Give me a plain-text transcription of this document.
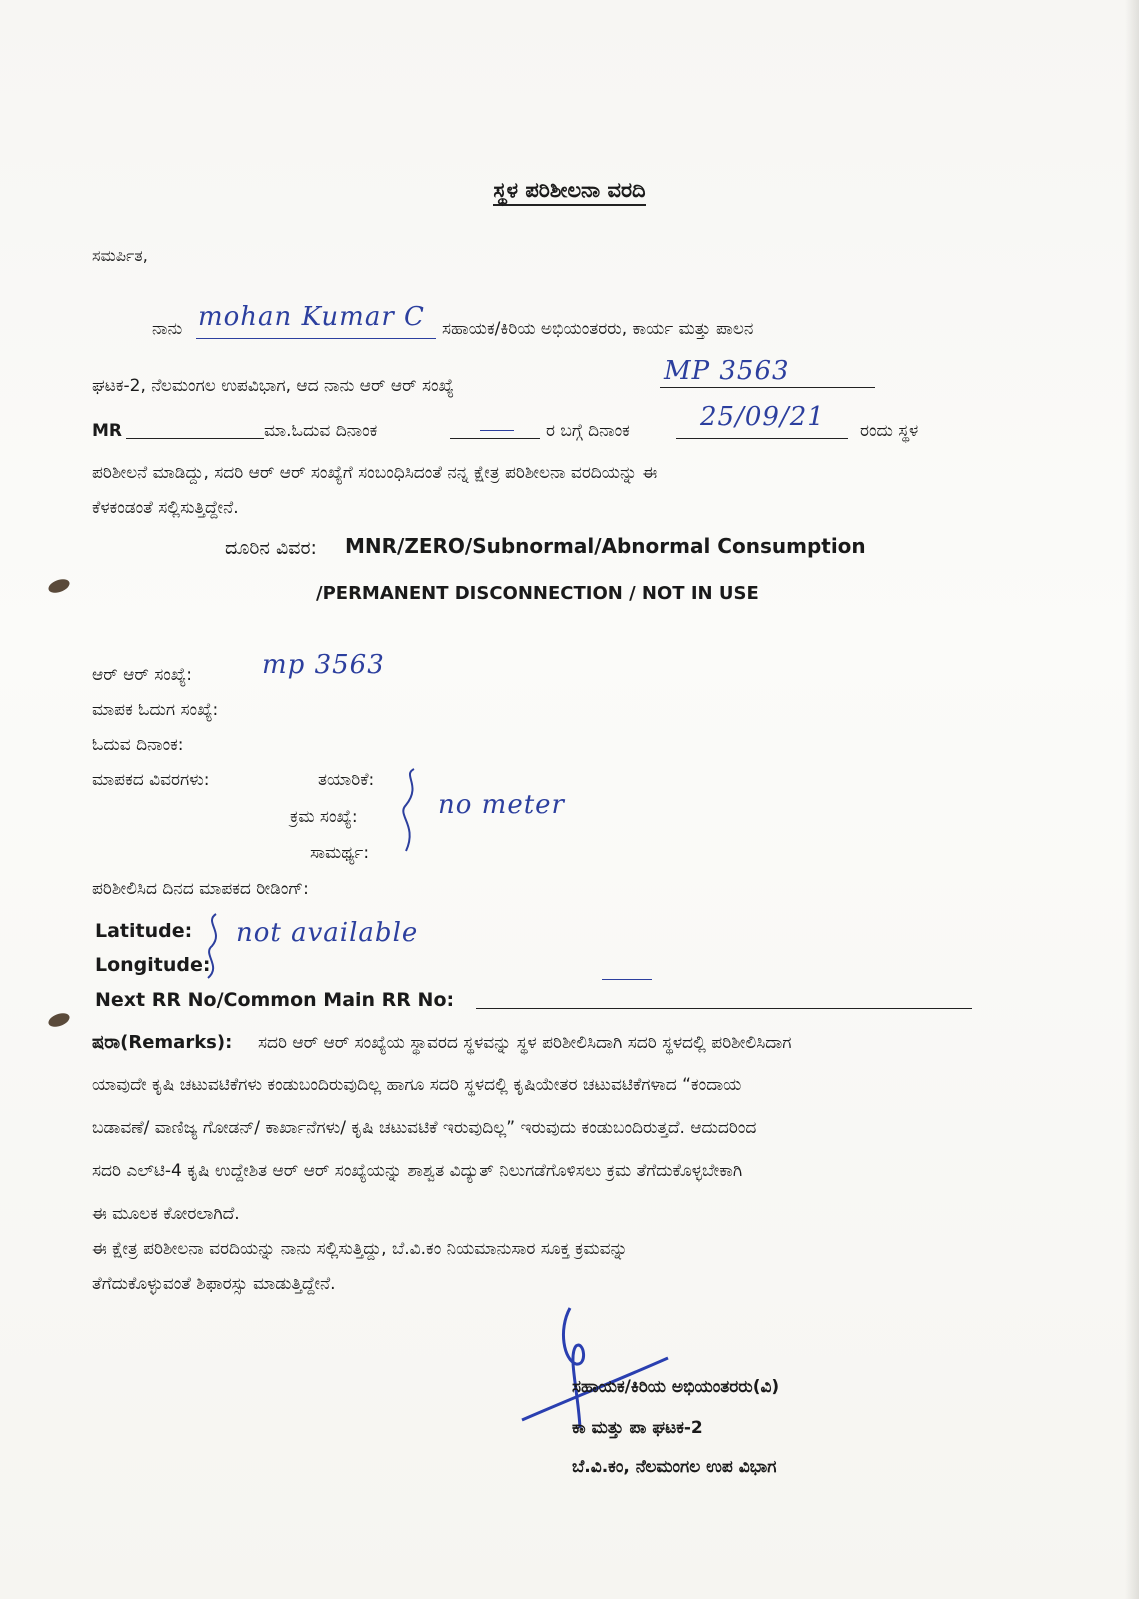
ಸ್ಥಳ ಪರಿಶೀಲನಾ ವರದಿ
ಸಮರ್ಪಿತ,
ನಾನು mohan Kumar C ಸಹಾಯಕ/ಕಿರಿಯ ಅಭಿಯಂತರರು, ಕಾರ್ಯ ಮತ್ತು ಪಾಲನ
ಘಟಕ-2, ನೆಲಮಂಗಲ ಉಪವಿಭಾಗ, ಆದ ನಾನು ಆರ್ ಆರ್ ಸಂಖ್ಯೆ	MP 3563
MR	ಮಾ.ಓದುವ ದಿನಾಂಕ	ರ ಬಗ್ಗೆ ದಿನಾಂಕ	25/09/21 ರಂದು ಸ್ಥಳ
ಪರಿಶೀಲನೆ ಮಾಡಿದ್ದು, ಸದರಿ ಆರ್ ಆರ್ ಸಂಖ್ಯೆಗೆ ಸಂಬಂಧಿಸಿದಂತೆ ನನ್ನ ಕ್ಷೇತ್ರ ಪರಿಶೀಲನಾ ವರದಿಯನ್ನು ಈ
ಕೆಳಕಂಡಂತೆ ಸಲ್ಲಿಸುತ್ತಿದ್ದೇನೆ.
ದೂರಿನ ವಿವರ: MNR/ZERO/Subnormal/Abnormal Consumption
/PERMANENT DISCONNECTION / NOT IN USE
ಆರ್ ಆರ್ ಸಂಖ್ಯೆ:	mp 3563
ಮಾಪಕ ಓದುಗ ಸಂಖ್ಯೆ:
ಓದುವ ದಿನಾಂಕ:
ಮಾಪಕದ ವಿವರಗಳು:	ತಯಾರಿಕೆ:
ಕ್ರಮ ಸಂಖ್ಯೆ:
ಸಾಮರ್ಥ್ಯ:
no meter
ಪರಿಶೀಲಿಸಿದ ದಿನದ ಮಾಪಕದ ರೀಡಿಂಗ್:
Latitude:
Longitude:
not available
Next RR No/Common Main RR No:
ಷರಾ(Remarks): ಸದರಿ ಆರ್ ಆರ್ ಸಂಖ್ಯೆಯ ಸ್ಥಾವರದ ಸ್ಥಳವನ್ನು ಸ್ಥಳ ಪರಿಶೀಲಿಸಿದಾಗಿ ಸದರಿ ಸ್ಥಳದಲ್ಲಿ ಪರಿಶೀಲಿಸಿದಾಗ
ಯಾವುದೇ ಕೃಷಿ ಚಟುವಟಿಕೆಗಳು ಕಂಡುಬಂದಿರುವುದಿಲ್ಲ ಹಾಗೂ ಸದರಿ ಸ್ಥಳದಲ್ಲಿ ಕೃಷಿಯೇತರ ಚಟುವಟಿಕೆಗಳಾದ “ಕಂದಾಯ
ಬಡಾವಣೆ/ ವಾಣಿಜ್ಯ ಗೋಡನ್/ ಕಾರ್ಖಾನೆಗಳು/ ಕೃಷಿ ಚಟುವಟಿಕೆ ಇರುವುದಿಲ್ಲ” ಇರುವುದು ಕಂಡುಬಂದಿರುತ್ತದೆ. ಆದುದರಿಂದ
ಸದರಿ ಎಲ್‌ಟಿ-4 ಕೃಷಿ ಉದ್ದೇಶಿತ ಆರ್ ಆರ್ ಸಂಖ್ಯೆಯನ್ನು ಶಾಶ್ವತ ವಿದ್ಯುತ್ ನಿಲುಗಡೆಗೊಳಿಸಲು ಕ್ರಮ ತೆಗೆದುಕೊಳ್ಳಬೇಕಾಗಿ
ಈ ಮೂಲಕ ಕೋರಲಾಗಿದೆ.
ಈ ಕ್ಷೇತ್ರ ಪರಿಶೀಲನಾ ವರದಿಯನ್ನು ನಾನು ಸಲ್ಲಿಸುತ್ತಿದ್ದು, ಬೆ.ವಿ.ಕಂ ನಿಯಮಾನುಸಾರ ಸೂಕ್ತ ಕ್ರಮವನ್ನು
ತೆಗೆದುಕೊಳ್ಳುವಂತೆ ಶಿಫಾರಸ್ಸು ಮಾಡುತ್ತಿದ್ದೇನೆ.
ಸಹಾಯಕ/ಕಿರಿಯ ಅಭಿಯಂತರರು(ವಿ)
ಕಾ ಮತ್ತು ಪಾ ಘಟಕ-2
ಬೆ.ವಿ.ಕಂ, ನೆಲಮಂಗಲ ಉಪ ವಿಭಾಗ
